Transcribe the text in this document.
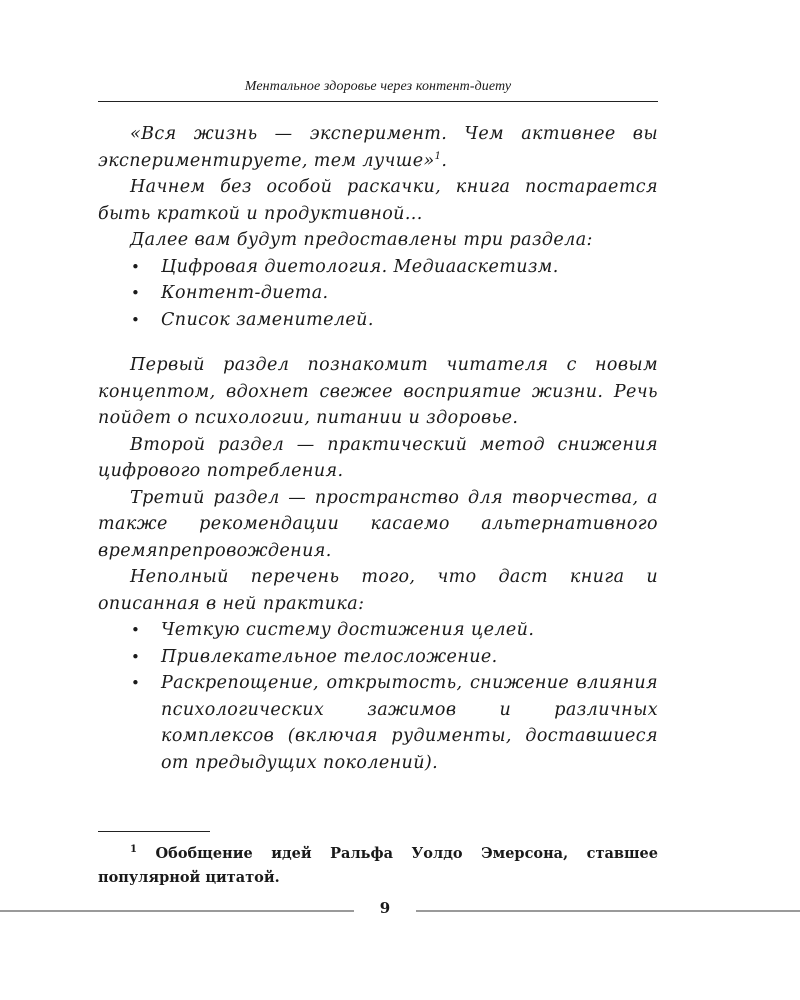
Ментальное здоровье через контент-диету

«Вся жизнь — эксперимент. Чем активнее вы экспериментируете, тем лучше»$^1$.

Начнем без особой раскачки, книга постарается быть краткой и продуктивной...

Далее вам будут предоставлены три раздела:

• Цифровая диетология. Медиааскетизм.
• Контент-диета.
• Список заменителей.

Первый раздел познакомит читателя с новым концептом, вдохнет свежее восприятие жизни. Речь пойдет о психологии, питании и здоровье.

Второй раздел — практический метод снижения цифрового потребления.

Третий раздел — пространство для творчества, а также рекомендации касаемо альтернативного времяпрепровождения.

Неполный перечень того, что даст книга и описанная в ней практика:

• Четкую систему достижения целей.
• Привлекательное телосложение.
• Раскрепощение, открытость, снижение влияния психологических зажимов и различных комплексов (включая рудименты, доставшиеся от предыдущих поколений).
$^1$ Обобщение идей Ральфа Уолдо Эмерсона, ставшее популярной цитатой.
9
